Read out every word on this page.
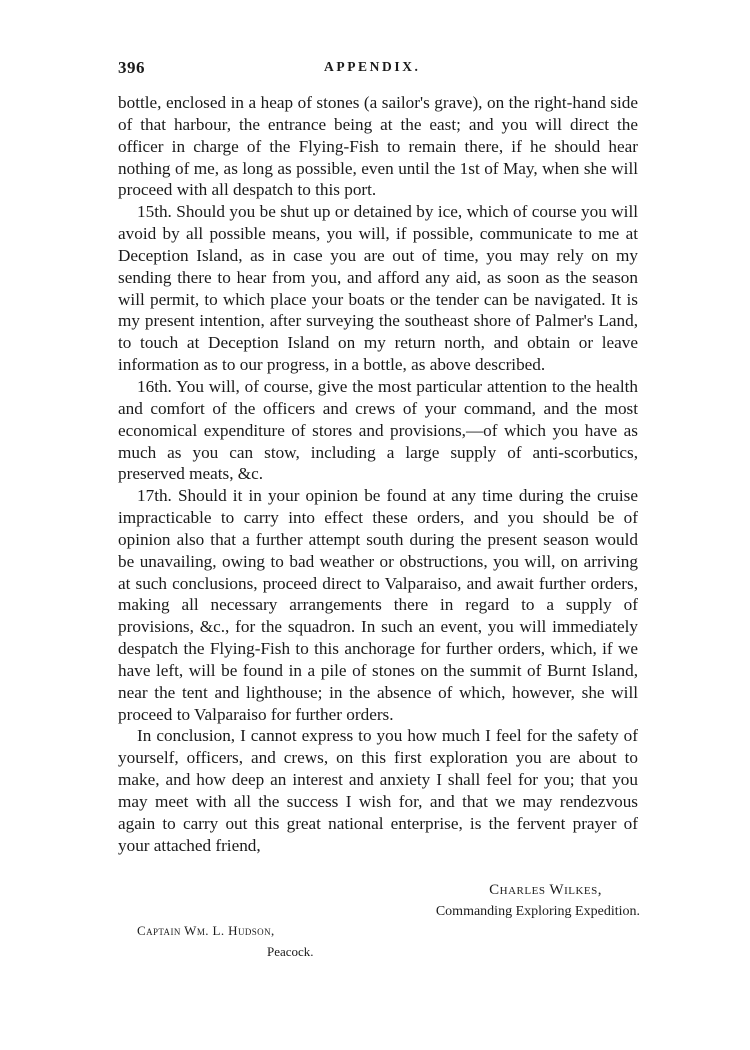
396	APPENDIX.

bottle, enclosed in a heap of stones (a sailor's grave), on the right-hand side of that harbour, the entrance being at the east; and you will direct the officer in charge of the Flying-Fish to remain there, if he should hear nothing of me, as long as possible, even until the 1st of May, when she will proceed with all despatch to this port.

15th. Should you be shut up or detained by ice, which of course you will avoid by all possible means, you will, if possible, communicate to me at Deception Island, as in case you are out of time, you may rely on my sending there to hear from you, and afford any aid, as soon as the season will permit, to which place your boats or the tender can be navigated. It is my present intention, after surveying the southeast shore of Palmer's Land, to touch at Deception Island on my return north, and obtain or leave information as to our progress, in a bottle, as above described.

16th. You will, of course, give the most particular attention to the health and comfort of the officers and crews of your command, and the most economical expenditure of stores and provisions,—of which you have as much as you can stow, including a large supply of anti-scorbutics, preserved meats, &c.

17th. Should it in your opinion be found at any time during the cruise impracticable to carry into effect these orders, and you should be of opinion also that a further attempt south during the present season would be unavailing, owing to bad weather or obstructions, you will, on arriving at such conclusions, proceed direct to Valparaiso, and await further orders, making all necessary arrangements there in regard to a supply of provisions, &c., for the squadron. In such an event, you will immediately despatch the Flying-Fish to this anchorage for further orders, which, if we have left, will be found in a pile of stones on the summit of Burnt Island, near the tent and lighthouse; in the absence of which, however, she will proceed to Valparaiso for further orders.

In conclusion, I cannot express to you how much I feel for the safety of yourself, officers, and crews, on this first exploration you are about to make, and how deep an interest and anxiety I shall feel for you; that you may meet with all the success I wish for, and that we may rendezvous again to carry out this great national enterprise, is the fervent prayer of your attached friend,

Charles Wilkes,
Commanding Exploring Expedition.
Captain Wm. L. Hudson,
Peacock.
